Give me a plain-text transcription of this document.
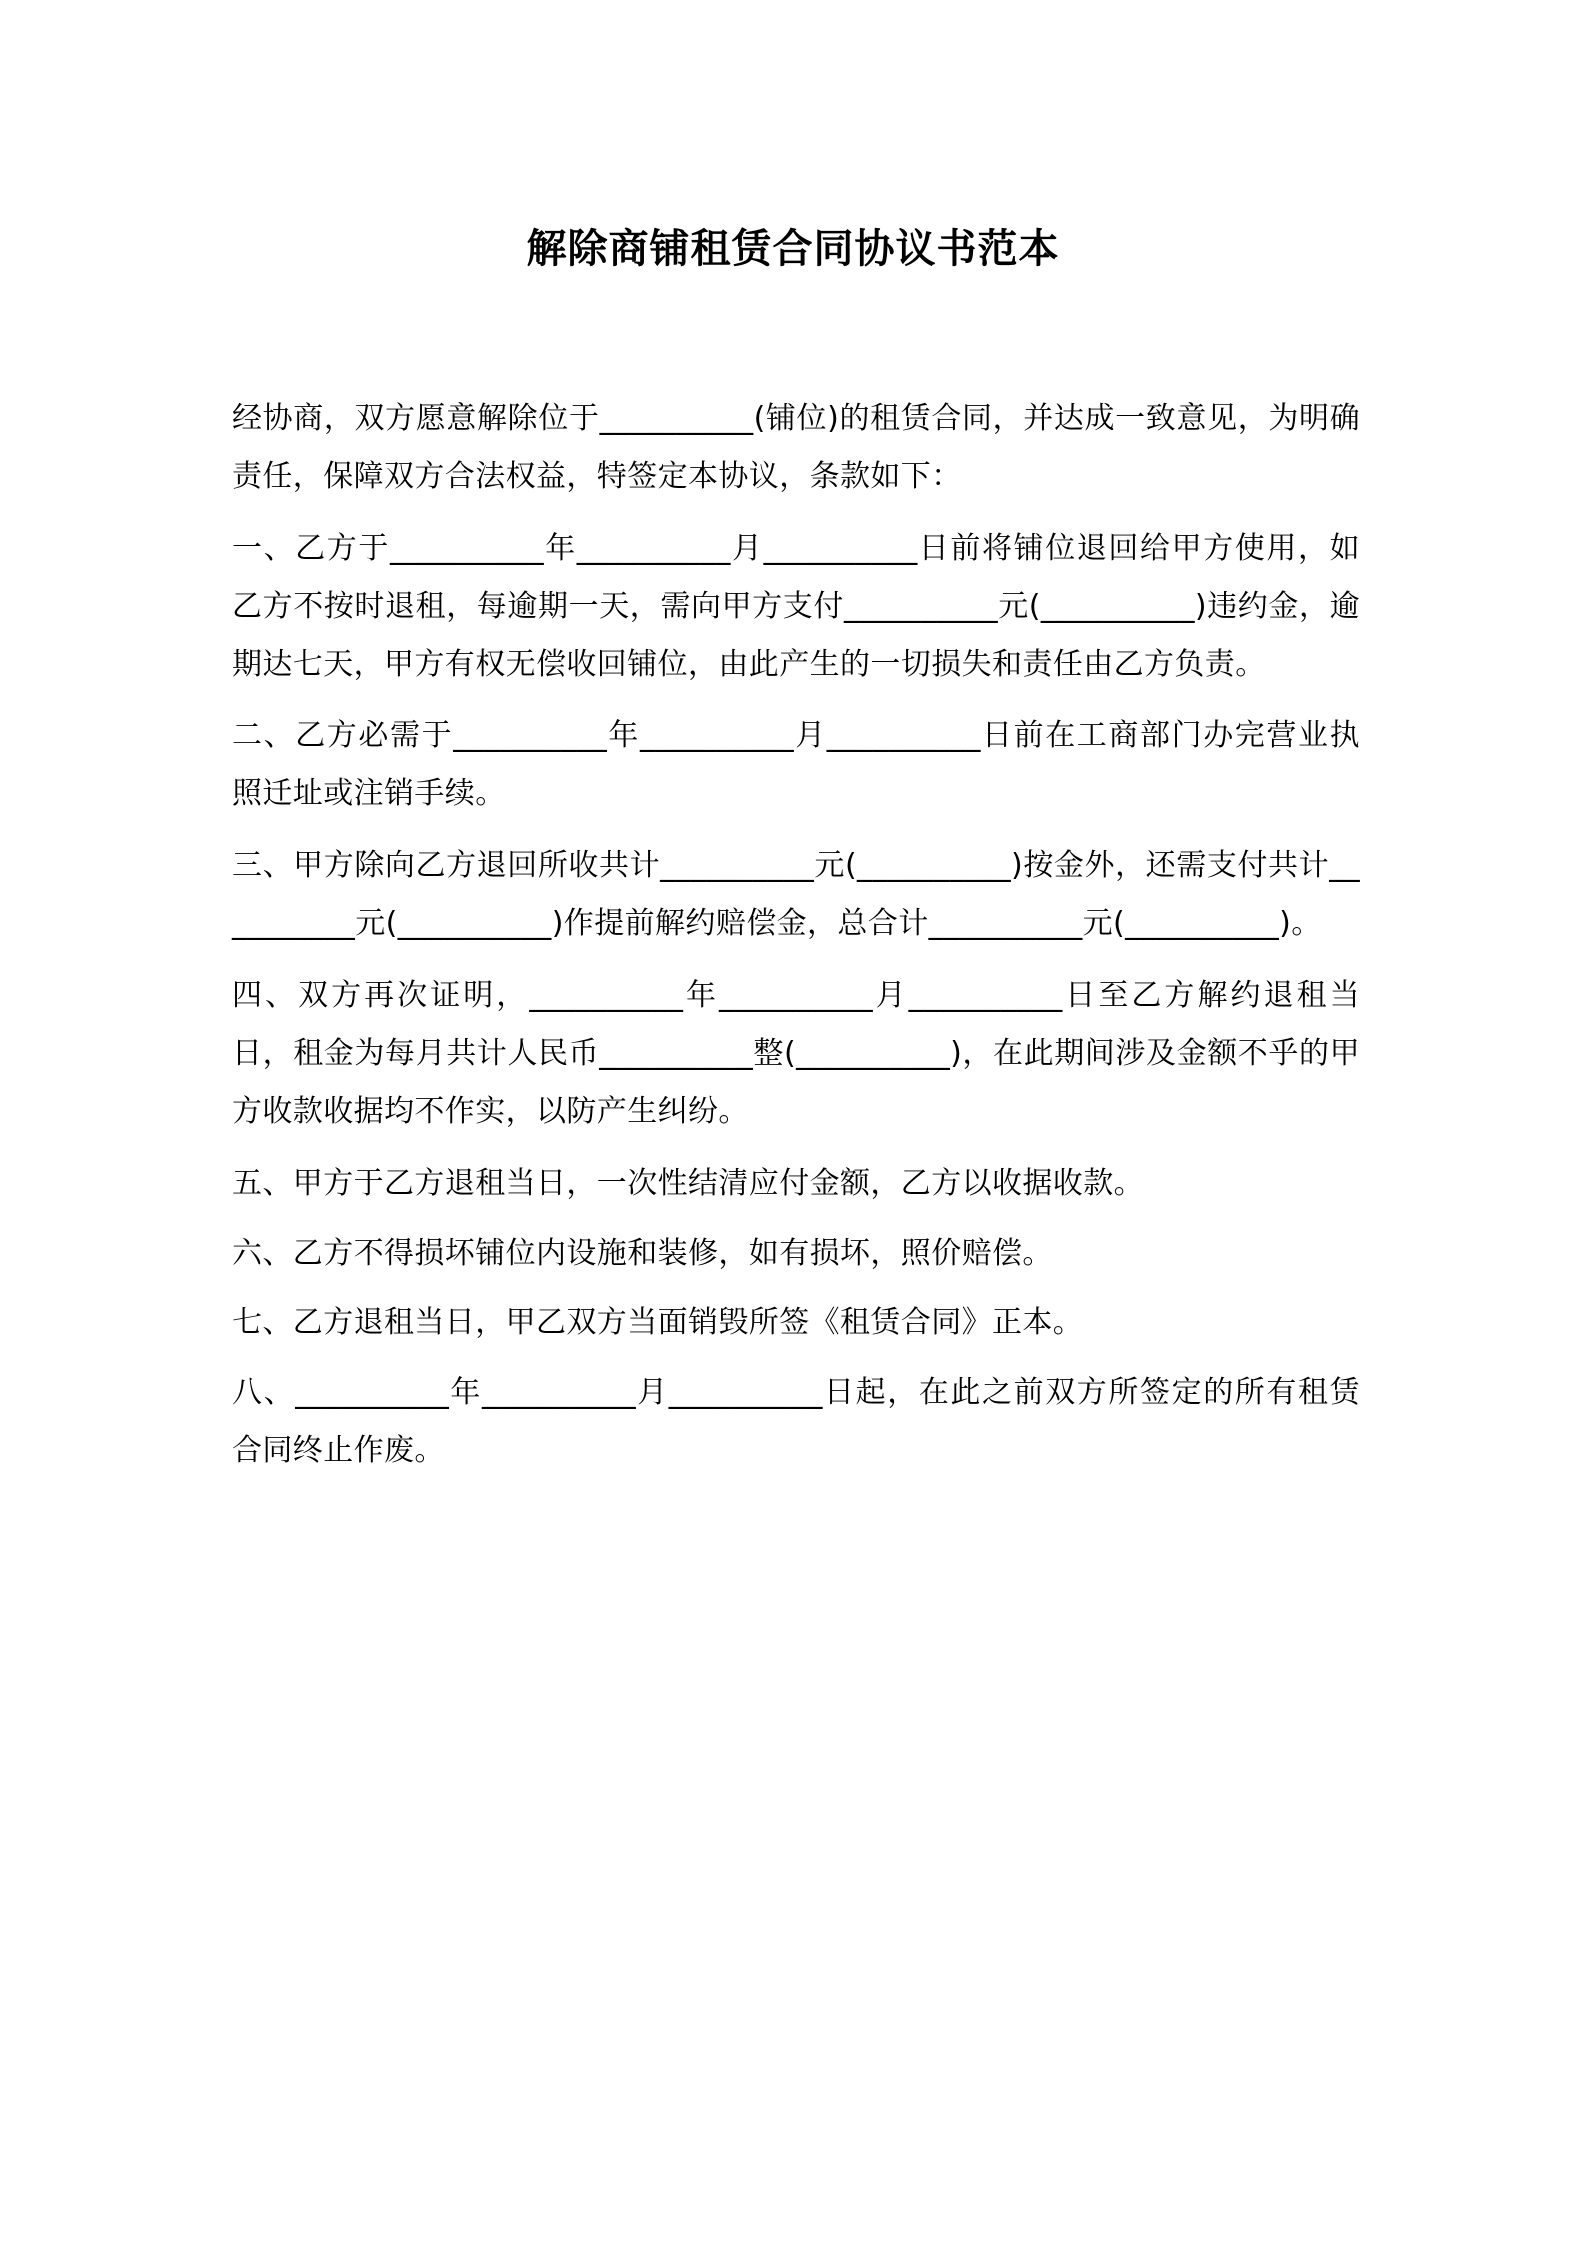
解除商铺租赁合同协议书范本

经协商，双方愿意解除位于__________(铺位)的租赁合同，并达成一致意见，为明确责任，保障双方合法权益，特签定本协议，条款如下：

一、乙方于__________年__________月__________日前将铺位退回给甲方使用，如乙方不按时退租，每逾期一天，需向甲方支付__________元(__________)违约金，逾期达七天，甲方有权无偿收回铺位，由此产生的一切损失和责任由乙方负责。

二、乙方必需于__________年__________月__________日前在工商部门办完营业执照迁址或注销手续。

三、甲方除向乙方退回所收共计__________元(__________)按金外，还需支付共计__________元(__________)作提前解约赔偿金，总合计__________元(__________)。

四、双方再次证明，__________年__________月__________日至乙方解约退租当日，租金为每月共计人民币__________整(__________)，在此期间涉及金额不乎的甲方收款收据均不作实，以防产生纠纷。

五、甲方于乙方退租当日，一次性结清应付金额，乙方以收据收款。

六、乙方不得损坏铺位内设施和装修，如有损坏，照价赔偿。

七、乙方退租当日，甲乙双方当面销毁所签《租赁合同》正本。

八、__________年__________月__________日起，在此之前双方所签定的所有租赁合同终止作废。
